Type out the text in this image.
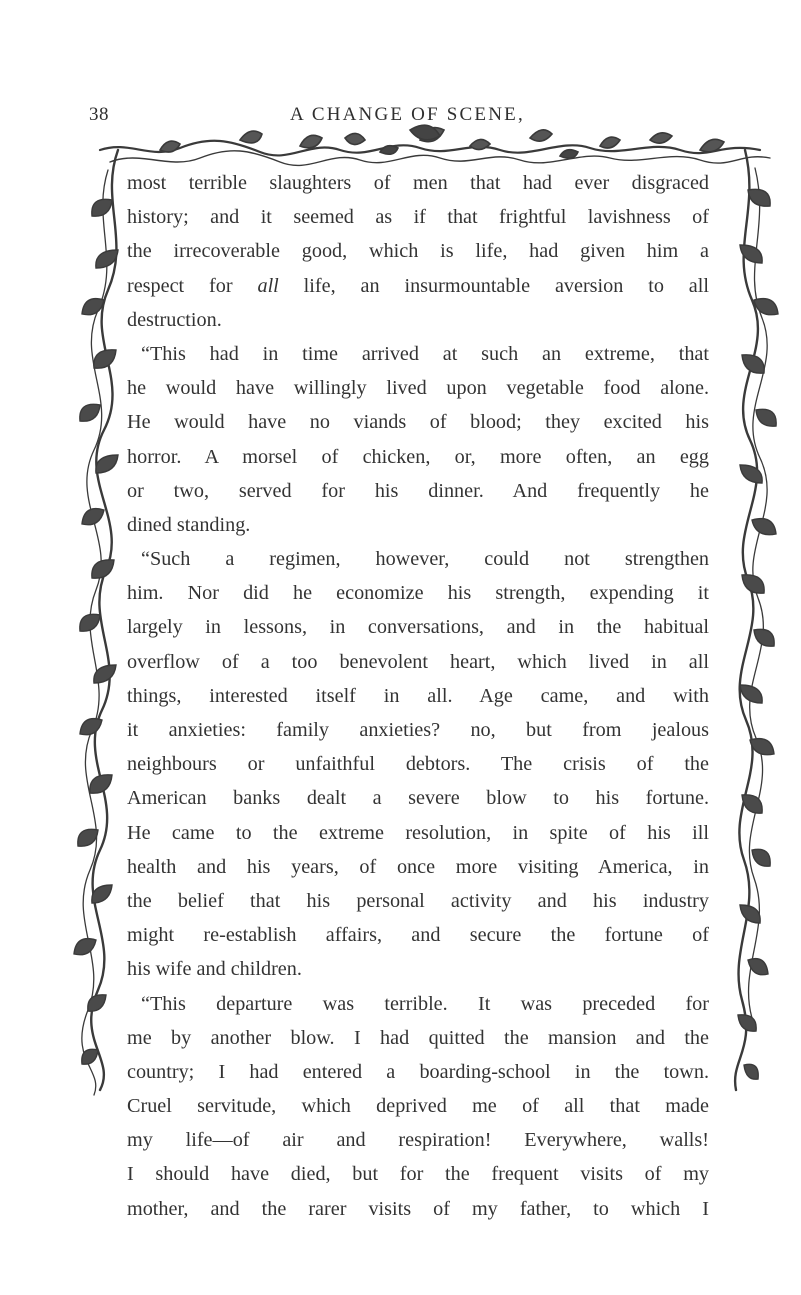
38	A CHANGE OF SCENE,
most terrible slaughters of men that had ever disgraced
history; and it seemed as if that frightful lavishness of
the irrecoverable good, which is life, had given him a
respect for all life, an insurmountable aversion to all
destruction.
“This had in time arrived at such an extreme, that
he would have willingly lived upon vegetable food alone.
He would have no viands of blood; they excited his
horror. A morsel of chicken, or, more often, an egg
or two, served for his dinner. And frequently he
dined standing.
“Such a regimen, however, could not strengthen
him. Nor did he economize his strength, expending it
largely in lessons, in conversations, and in the habitual
overflow of a too benevolent heart, which lived in all
things, interested itself in all. Age came, and with
it anxieties: family anxieties? no, but from jealous
neighbours or unfaithful debtors. The crisis of the
American banks dealt a severe blow to his fortune.
He came to the extreme resolution, in spite of his ill
health and his years, of once more visiting America, in
the belief that his personal activity and his industry
might re-establish affairs, and secure the fortune of
his wife and children.
“This departure was terrible. It was preceded for
me by another blow. I had quitted the mansion and the
country; I had entered a boarding-school in the town.
Cruel servitude, which deprived me of all that made
my life—of air and respiration! Everywhere, walls!
I should have died, but for the frequent visits of my
mother, and the rarer visits of my father, to which I
